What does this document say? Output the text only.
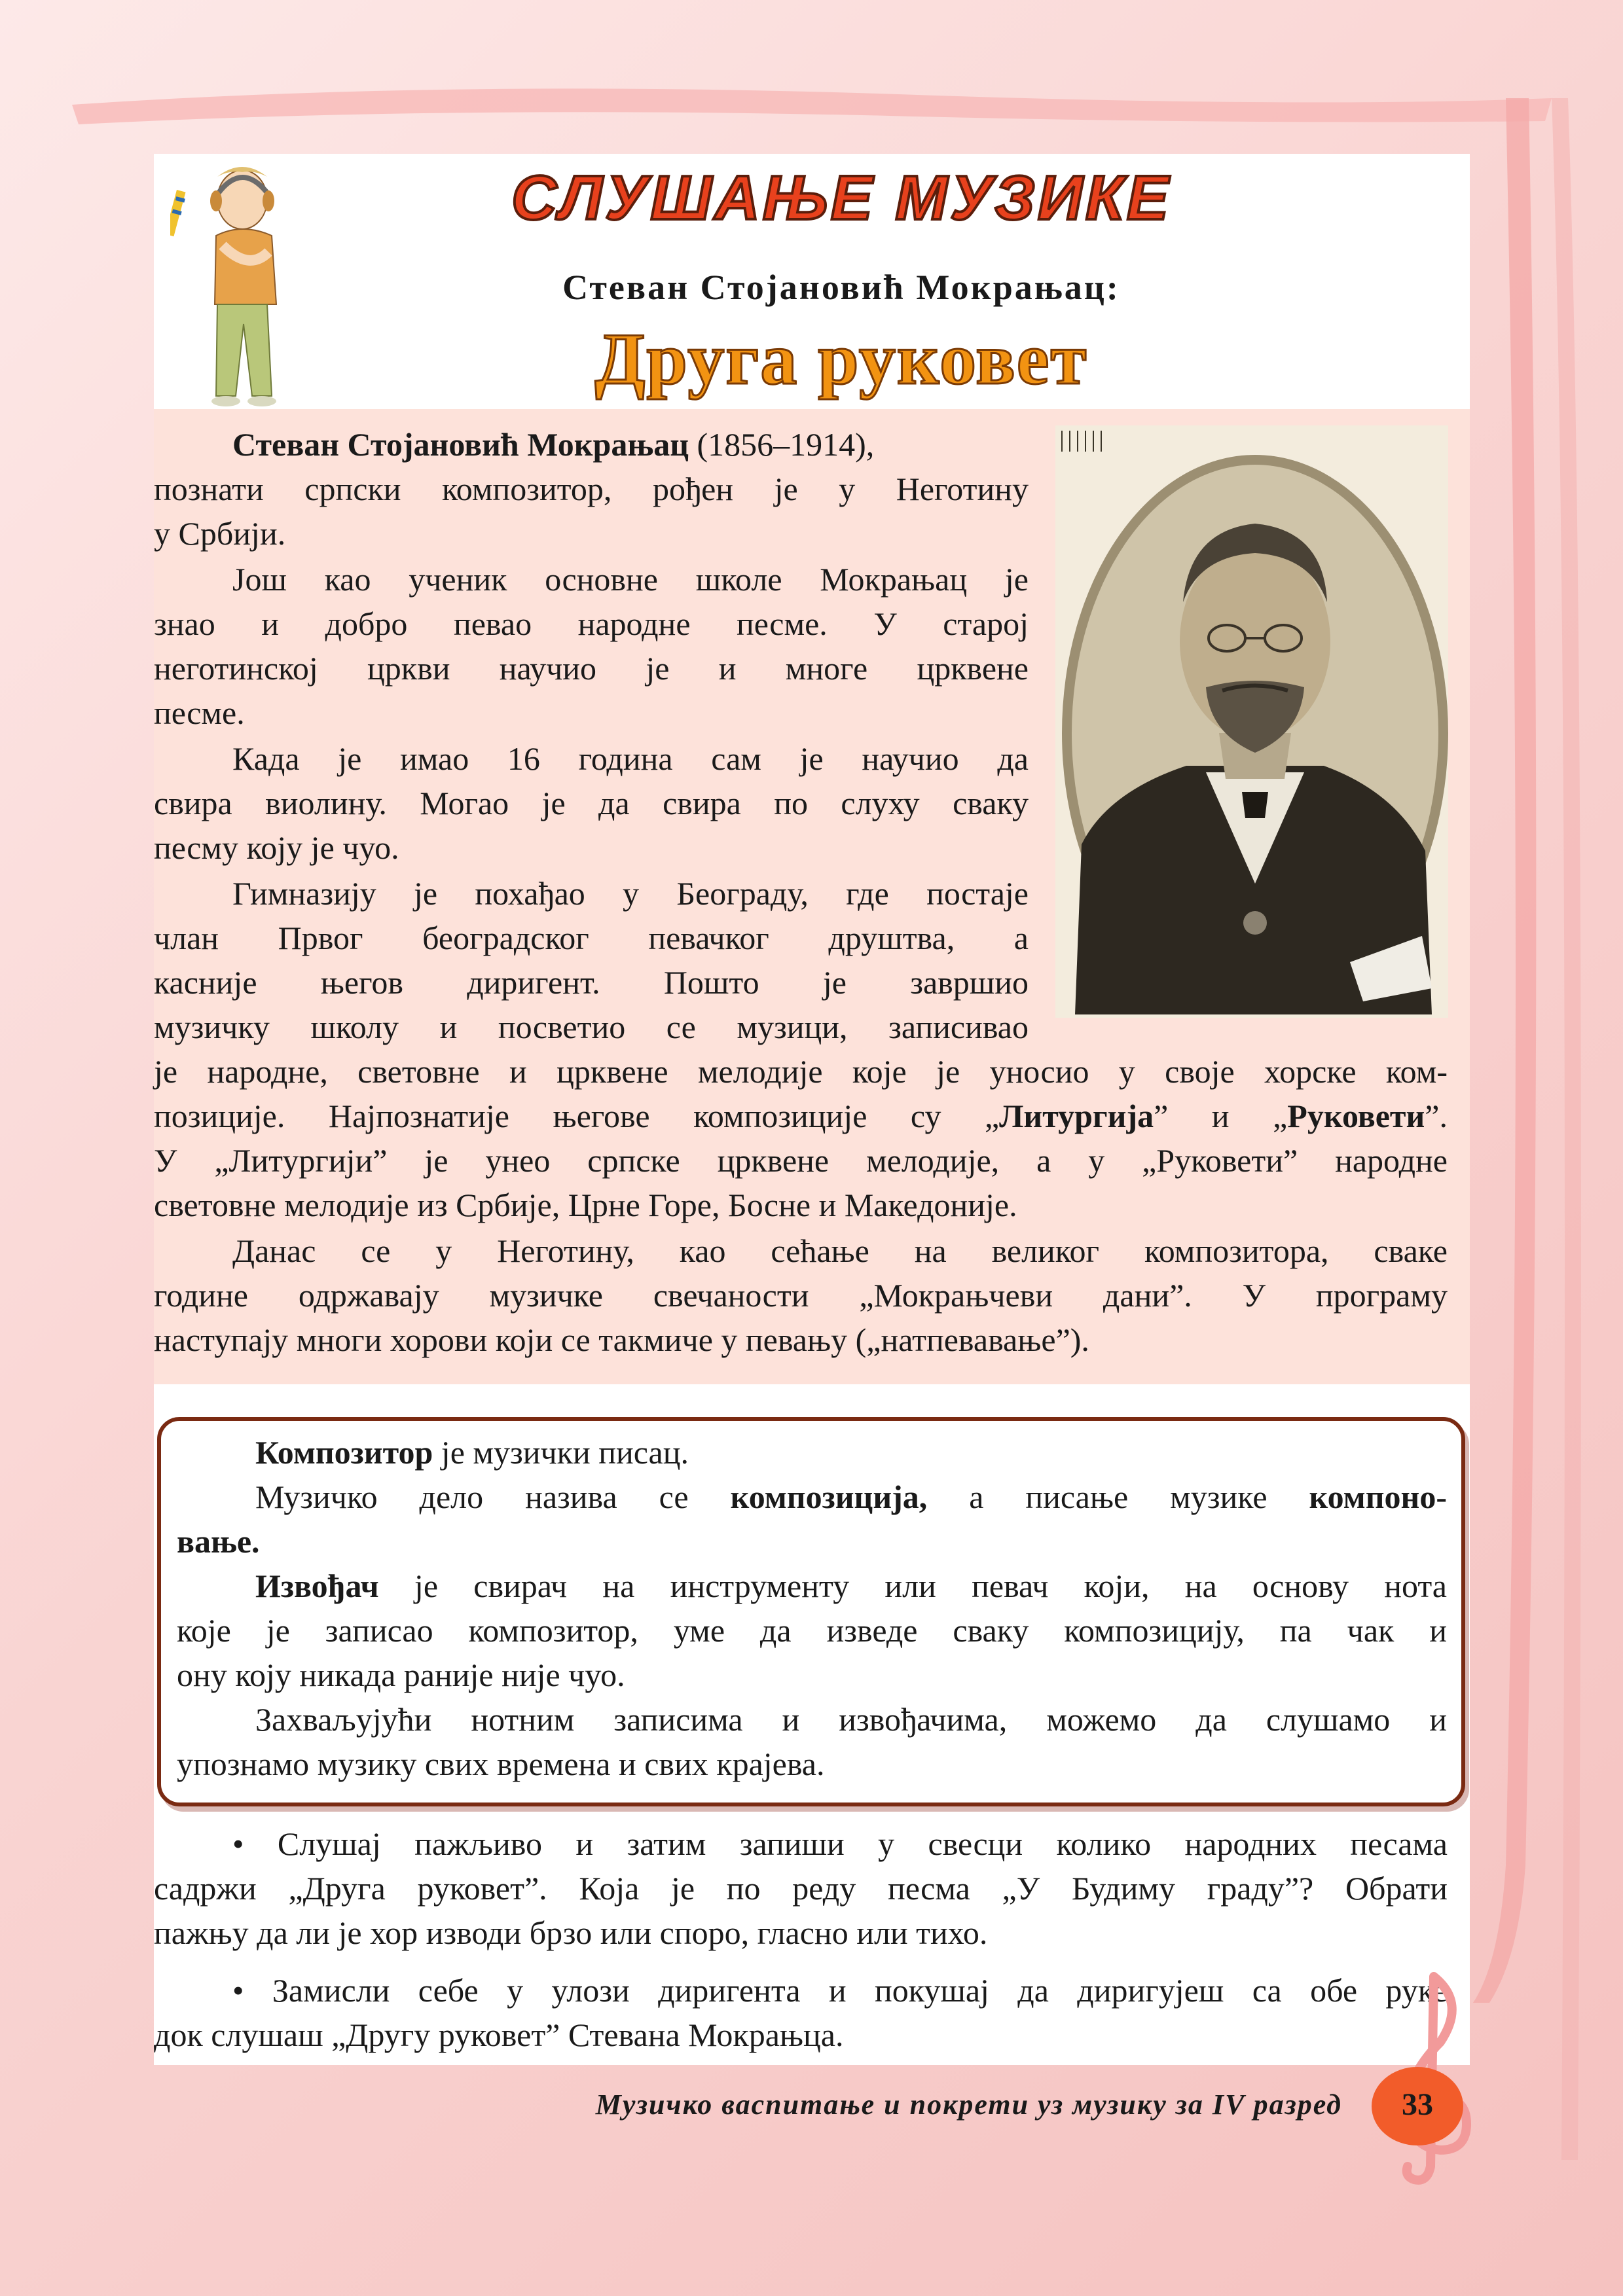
СЛУШАЊЕ МУЗИКЕ
Стеван Стојановић Мокрањац:
Друга руковет

Стеван Стојановић Мокрањац (1856–1914),

познати српски композитор, рођен је у Неготину

у Србији.

Још као ученик основне школе Мокрањац је

знао и добро певао народне песме. У старој

неготинској цркви научио је и многе црквене

песме.

Када је имао 16 година сам је научио да

свира виолину. Могао је да свира по слуху сваку

песму коју је чуо.

Гимназију је похађао у Београду, где постаје

члан Првог београдског певачког друштва, а

касније његов диригент. Пошто је завршио

музичку школу и посветио се музици, записивао

је народне, световне и црквене мелодије које је уносио у своје хорске ком-

позиције. Најпознатије његове композиције су „Литургија” и „Руковети”.

У „Литургији” је унео српске црквене мелодије, а у „Руковети” народне

световне мелодије из Србије, Црне Горе, Босне и Македоније.

Данас се у Неготину, као сећање на великог композитора, сваке

године одржавају музичке свечаности „Мокрањчеви дани”. У програму

наступају многи хорови који се такмиче у певању („натпевавање”).

Композитор је музички писац.

Музичко дело назива се композиција, а писање музике компоно-

вање.

Извођач је свирач на инструменту или певач који, на основу нота

које је записао композитор, уме да изведе сваку композицију, па чак и

ону коју никада раније није чуо.

Захваљујући нотним записима и извођачима, можемо да слушамо и

упознамо музику свих времена и свих крајева.

• Слушај пажљиво и затим запиши у свесци колико народних песама

садржи „Друга руковет”. Која је по реду песма „У Будиму граду”? Обрати

пажњу да ли је хор изводи брзо или споро, гласно или тихо.

• Замисли себе у улози диригента и покушај да диригујеш са обе руке

док слушаш „Другу руковет” Стевана Мокрањца.

Музичко васпитање и покрети уз музику за IV разред	33
